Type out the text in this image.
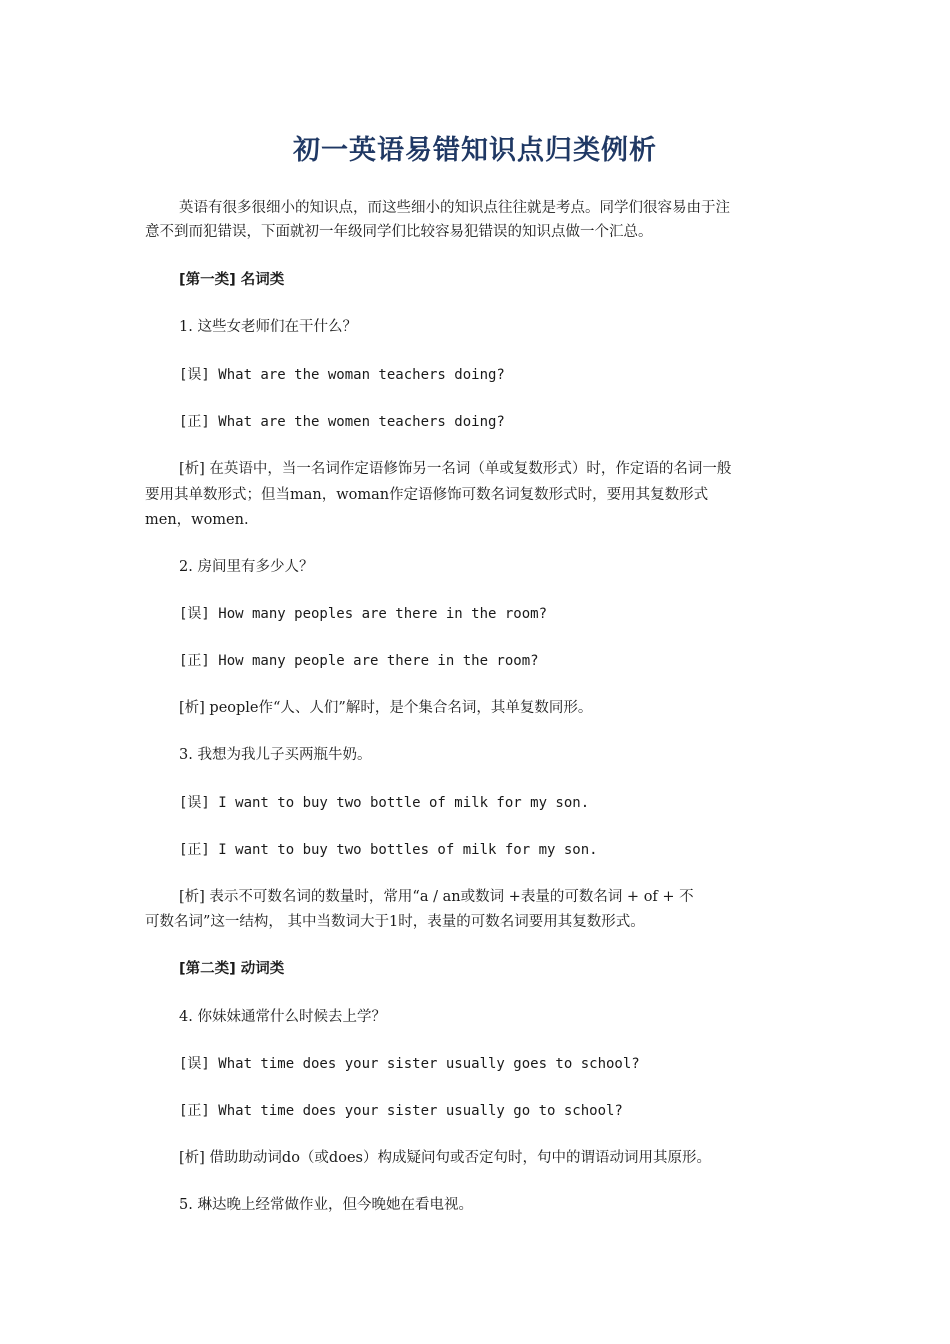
初一英语易错知识点归类例析
英语有很多很细小的知识点，而这些细小的知识点往往就是考点。同学们很容易由于注
意不到而犯错误，下面就初一年级同学们比较容易犯错误的知识点做一个汇总。
[第一类] 名词类
1. 这些女老师们在干什么？
[误] What are the woman teachers doing?
[正] What are the women teachers doing?
[析] 在英语中，当一名词作定语修饰另一名词（单或复数形式）时，作定语的名词一般
要用其单数形式；但当man，woman作定语修饰可数名词复数形式时，要用其复数形式
men，women.
2. 房间里有多少人？
[误] How many peoples are there in the room?
[正] How many people are there in the room?
[析] people作“人、人们”解时，是个集合名词，其单复数同形。
3. 我想为我儿子买两瓶牛奶。
[误] I want to buy two bottle of milk for my son.
[正] I want to buy two bottles of milk for my son.
[析] 表示不可数名词的数量时，常用“a / an或数词 +表量的可数名词 + of + 不
可数名词”这一结构， 其中当数词大于1时，表量的可数名词要用其复数形式。
[第二类] 动词类
4. 你妹妹通常什么时候去上学？
[误] What time does your sister usually goes to school?
[正] What time does your sister usually go to school?
[析] 借助助动词do（或does）构成疑问句或否定句时，句中的谓语动词用其原形。
5. 琳达晚上经常做作业，但今晚她在看电视。
